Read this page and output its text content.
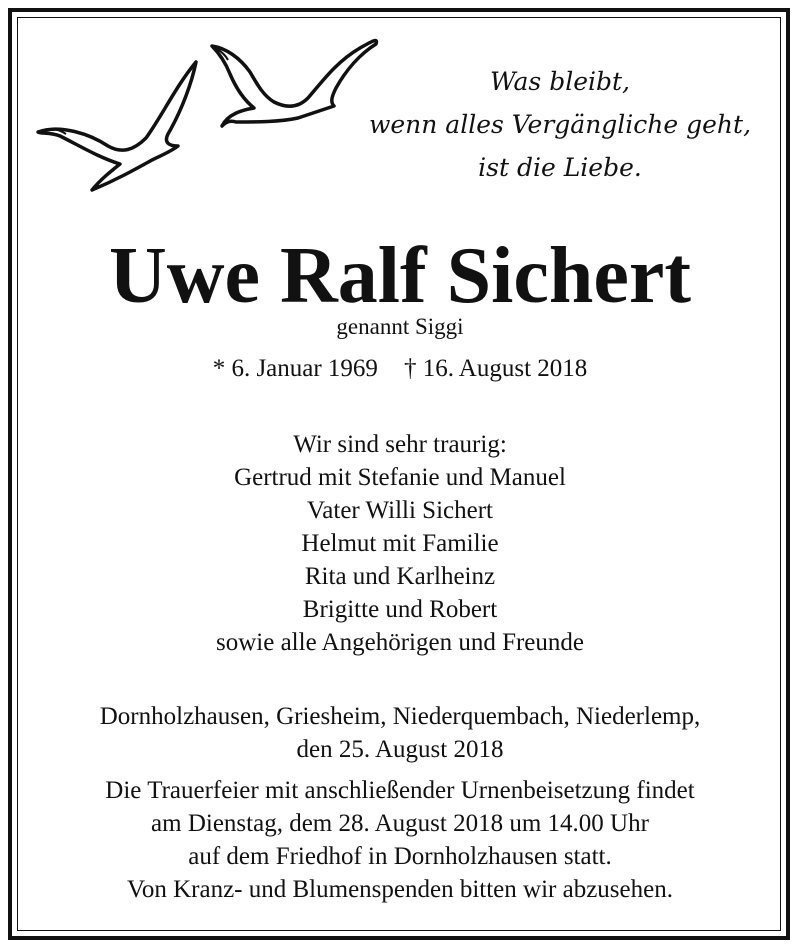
Was bleibt,
wenn alles Vergängliche geht,
ist die Liebe.
Uwe Ralf Sichert
genannt Siggi
* 6. Januar 1969 † 16. August 2018
Wir sind sehr traurig:
Gertrud mit Stefanie und Manuel
Vater Willi Sichert
Helmut mit Familie
Rita und Karlheinz
Brigitte und Robert
sowie alle Angehörigen und Freunde
Dornholzhausen, Griesheim, Niederquembach, Niederlemp,
den 25. August 2018
Die Trauerfeier mit anschließender Urnenbeisetzung findet
am Dienstag, dem 28. August 2018 um 14.00 Uhr
auf dem Friedhof in Dornholzhausen statt.
Von Kranz- und Blumenspenden bitten wir abzusehen.
